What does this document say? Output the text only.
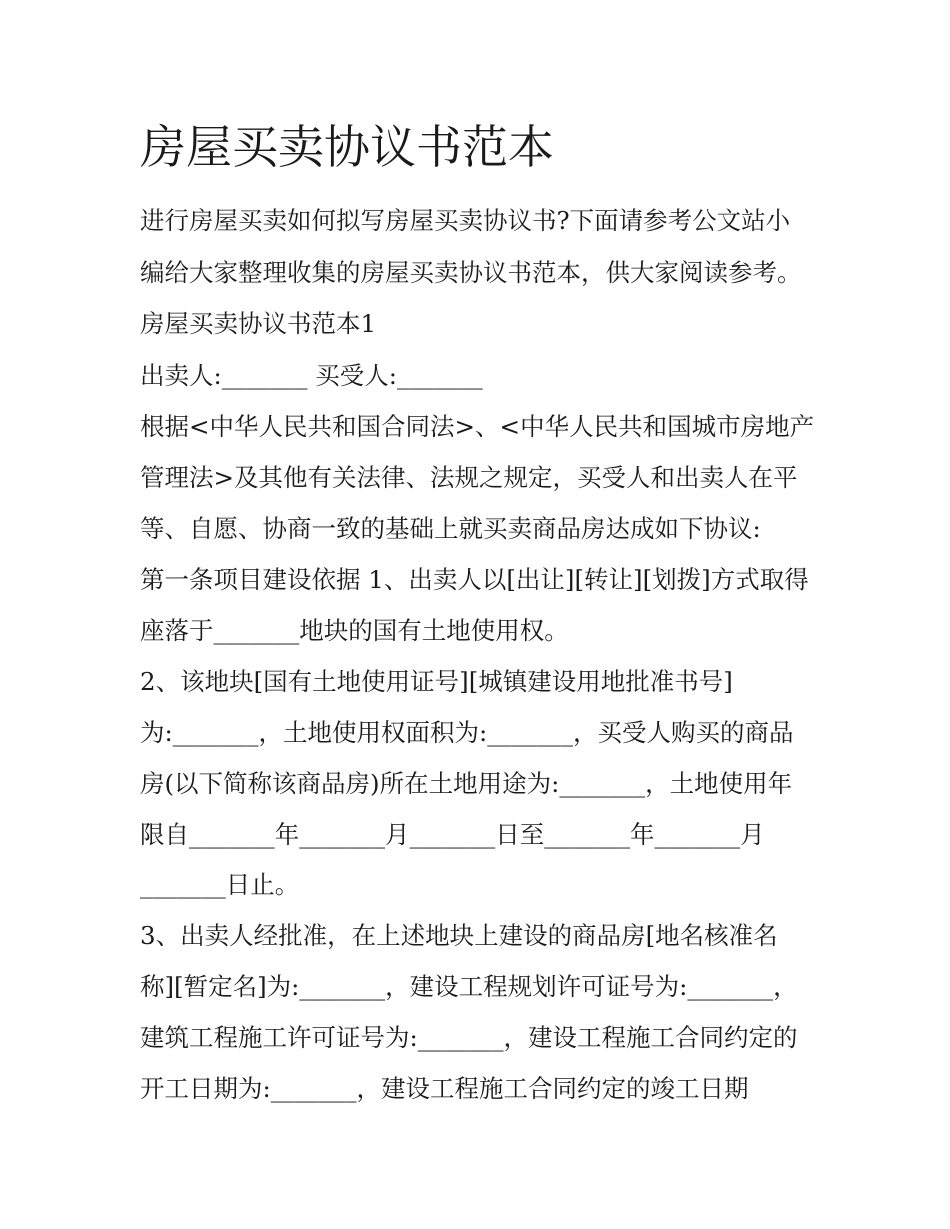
房屋买卖协议书范本

进行房屋买卖如何拟写房屋买卖协议书?下面请参考公文站小

编给大家整理收集的房屋买卖协议书范本，供大家阅读参考。

房屋买卖协议书范本1

出卖人:_______ 买受人:_______

根据<中华人民共和国合同法>、<中华人民共和国城市房地产

管理法>及其他有关法律、法规之规定，买受人和出卖人在平

等、自愿、协商一致的基础上就买卖商品房达成如下协议:

第一条项目建设依据 1、出卖人以[出让][转让][划拨]方式取得

座落于_______地块的国有土地使用权。

2、该地块[国有土地使用证号][城镇建设用地批准书号]

为:_______，土地使用权面积为:_______，买受人购买的商品

房(以下简称该商品房)所在土地用途为:_______，土地使用年

限自_______年_______月_______日至_______年_______月

_______日止。

3、出卖人经批准，在上述地块上建设的商品房[地名核准名

称][暂定名]为:_______，建设工程规划许可证号为:_______，

建筑工程施工许可证号为:_______，建设工程施工合同约定的

开工日期为:_______，建设工程施工合同约定的竣工日期
